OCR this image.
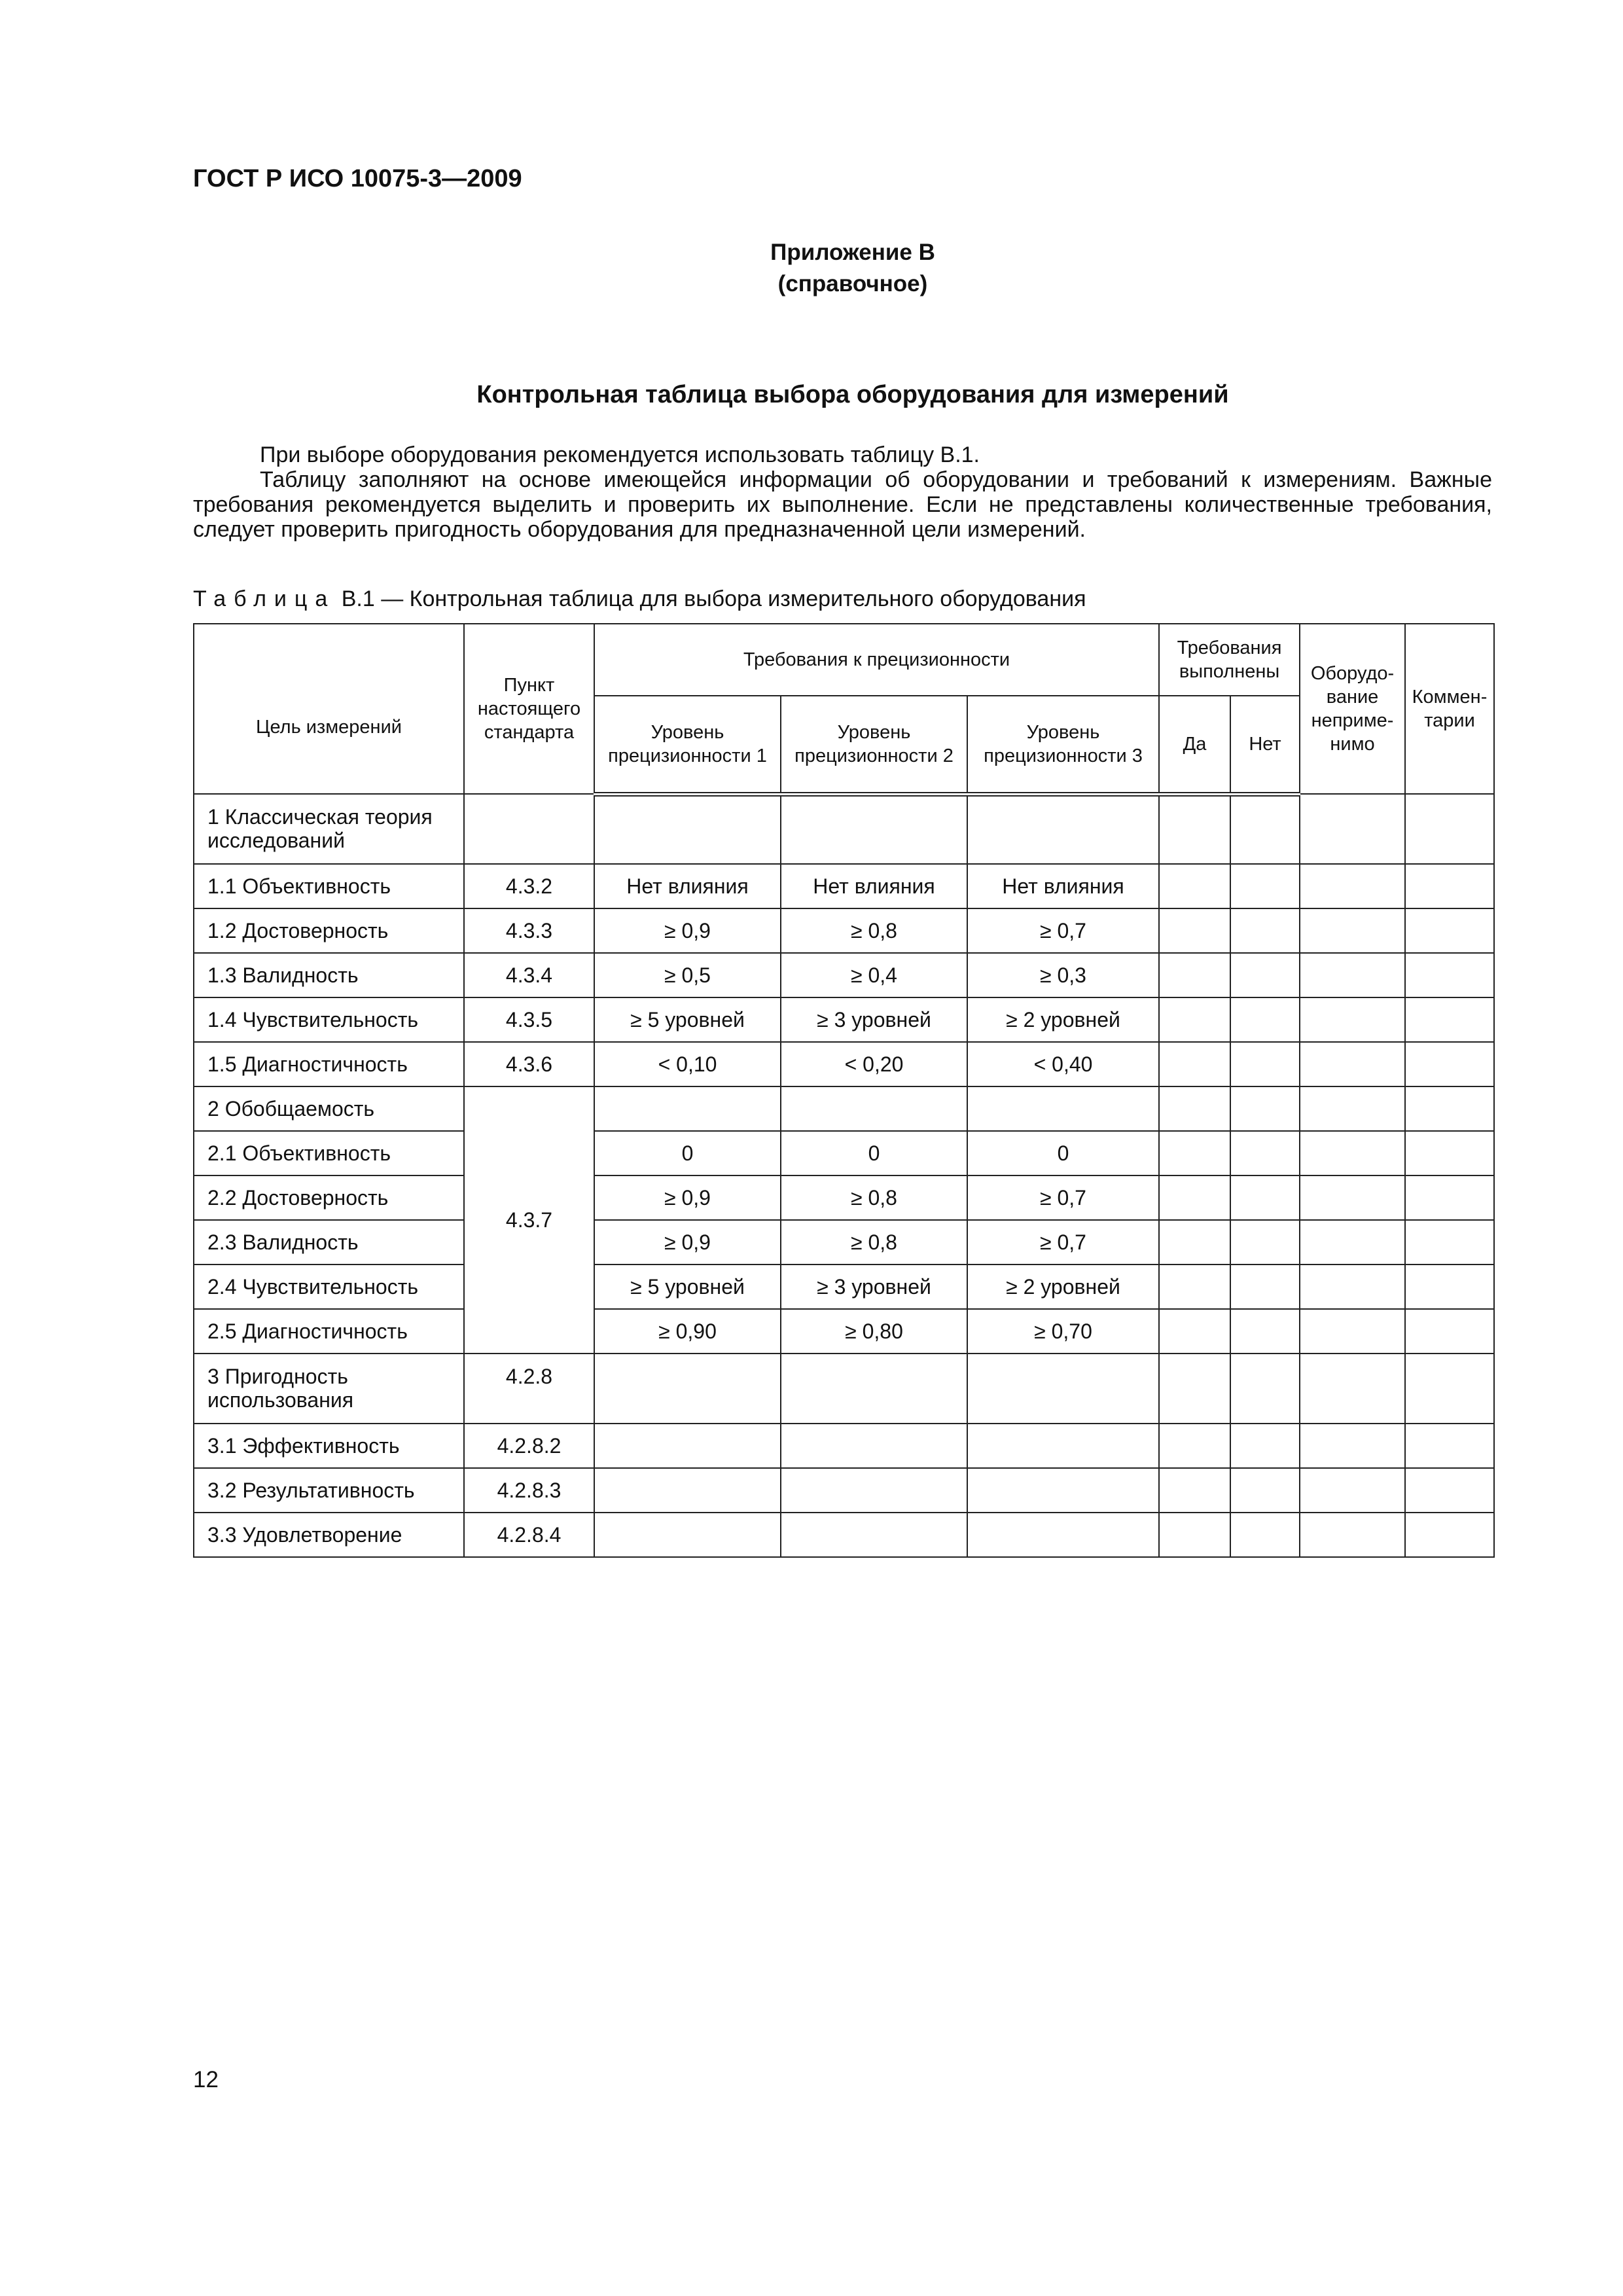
ГОСТ Р ИСО 10075-3—2009
Приложение В
(справочное)
Контрольная таблица выбора оборудования для измерений

При выборе оборудования рекомендуется использовать таблицу В.1.

Таблицу заполняют на основе имеющейся информации об оборудовании и требований к измерениям. Важные требования рекомендуется выделить и проверить их выполнение. Если не представлены количественные требования, следует проверить пригодность оборудования для предназначенной цели измерений.

Таблица В.1 — Контрольная таблица для выбора измерительного оборудования
Цель измерений	Пункт настоящего стандарта	Требования к прецизионности			Требования выполнены		Оборудо-вание неприме-нимо	Коммен-тарии
		Уровень прецизионности 1	Уровень прецизионности 2	Уровень прецизионности 3	Да	Нет		
1 Классическая теория исследований								
1.1 Объективность	4.3.2	Нет влияния	Нет влияния	Нет влияния				
1.2 Достоверность	4.3.3	≥ 0,9	≥ 0,8	≥ 0,7				
1.3 Валидность	4.3.4	≥ 0,5	≥ 0,4	≥ 0,3				
1.4 Чувствительность	4.3.5	≥ 5 уровней	≥ 3 уровней	≥ 2 уровней				
1.5 Диагностичность	4.3.6	< 0,10	< 0,20	< 0,40				
2 Обобщаемость	4.3.7							
2.1 Объективность		0	0	0				
2.2 Достоверность		≥ 0,9	≥ 0,8	≥ 0,7				
2.3 Валидность		≥ 0,9	≥ 0,8	≥ 0,7				
2.4 Чувствительность		≥ 5 уровней	≥ 3 уровней	≥ 2 уровней				
2.5 Диагностичность		≥ 0,90	≥ 0,80	≥ 0,70				
3 Пригодность использования	4.2.8							
3.1 Эффективность	4.2.8.2							
3.2 Результативность	4.2.8.3							
3.3 Удовлетворение	4.2.8.4							
12
